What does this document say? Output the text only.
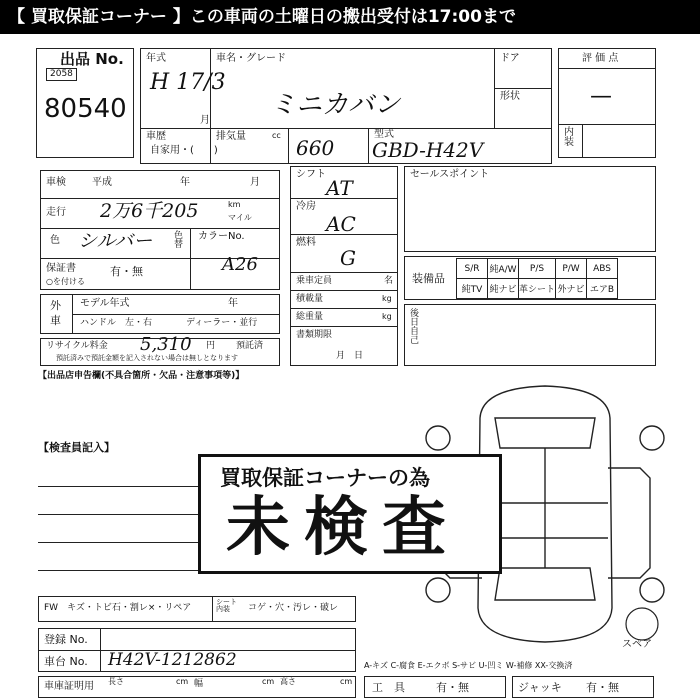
【 買取保証コーナー 】この車両の土曜日の搬出受付は17:00まで
出品 No.
2058
80540
年式
H 17/3
月
車名・グレード
ミニカバン
ドア
形状
車歴
自家用・(　　)
排気量	cc
660
型式
GBD-H42V
評 価 点
—
内装
車検	平成	年	月
走行 2万6千205	km
マイル
色 シルバー 色替
カラーNo.
A26
保証書	有・無
○を付ける
シフト
AT
冷房
AC
燃料
G
乗車定員	名
積載量	kg
総重量	kg
書類期限
月　日
セールスポイント
装備品
S/R	純A/W	P/S	P/W	ABS
純TV	純ナビ	革シート	外ナビ	エアB
後日自己
外車
モデル年式	年
ハンドル　左・右	ディーラー・並行
リサイクル料金 5,310 円 預託済
預託済みで預託金額を記入されない場合は無しとなります
【出品店申告欄(不具合箇所・欠品・注意事項等)】
【検査員記入】
スペア
買取保証コーナーの為
未検査
FW　キズ・トビ石・割レ×・リペア
シート内装	コゲ・穴・汚レ・破レ
登録 No.
車台 No. H42V-1212862
車庫証明用 長さ	cm 幅	cm 高さ	cm
A-キズ C-腐食 E-エクボ S-サビ U-凹ミ W-補修 XX-交換済
工　具	有・無	ジャッキ 有・無
